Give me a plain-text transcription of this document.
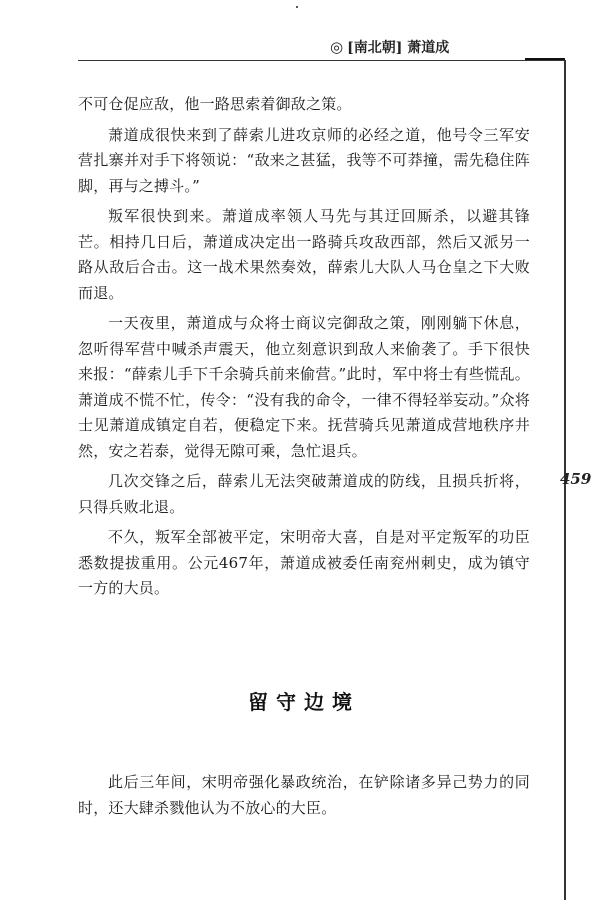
◎ [南北朝] 萧道成
459

不可仓促应敌，他一路思索着御敌之策。

萧道成很快来到了薛索儿进攻京师的必经之道，他号令三军安营扎寨并对手下将领说：“敌来之甚猛，我等不可莽撞，需先稳住阵脚，再与之搏斗。”

叛军很快到来。萧道成率领人马先与其迂回厮杀，以避其锋芒。相持几日后，萧道成决定出一路骑兵攻敌西部，然后又派另一路从敌后合击。这一战术果然奏效，薛索儿大队人马仓皇之下大败而退。

一天夜里，萧道成与众将士商议完御敌之策，刚刚躺下休息，忽听得军营中喊杀声震天，他立刻意识到敌人来偷袭了。手下很快来报：“薛索儿手下千余骑兵前来偷营。”此时，军中将士有些慌乱。萧道成不慌不忙，传令：“没有我的命令，一律不得轻举妄动。”众将士见萧道成镇定自若，便稳定下来。抚营骑兵见萧道成营地秩序井然，安之若泰，觉得无隙可乘，急忙退兵。

几次交锋之后，薛索儿无法突破萧道成的防线，且损兵折将，只得兵败北退。

不久，叛军全部被平定，宋明帝大喜，自是对平定叛军的功臣悉数提拔重用。公元467年，萧道成被委任南兖州刺史，成为镇守一方的大员。

留守边境

此后三年间，宋明帝强化暴政统治，在铲除诸多异己势力的同时，还大肆杀戮他认为不放心的大臣。
